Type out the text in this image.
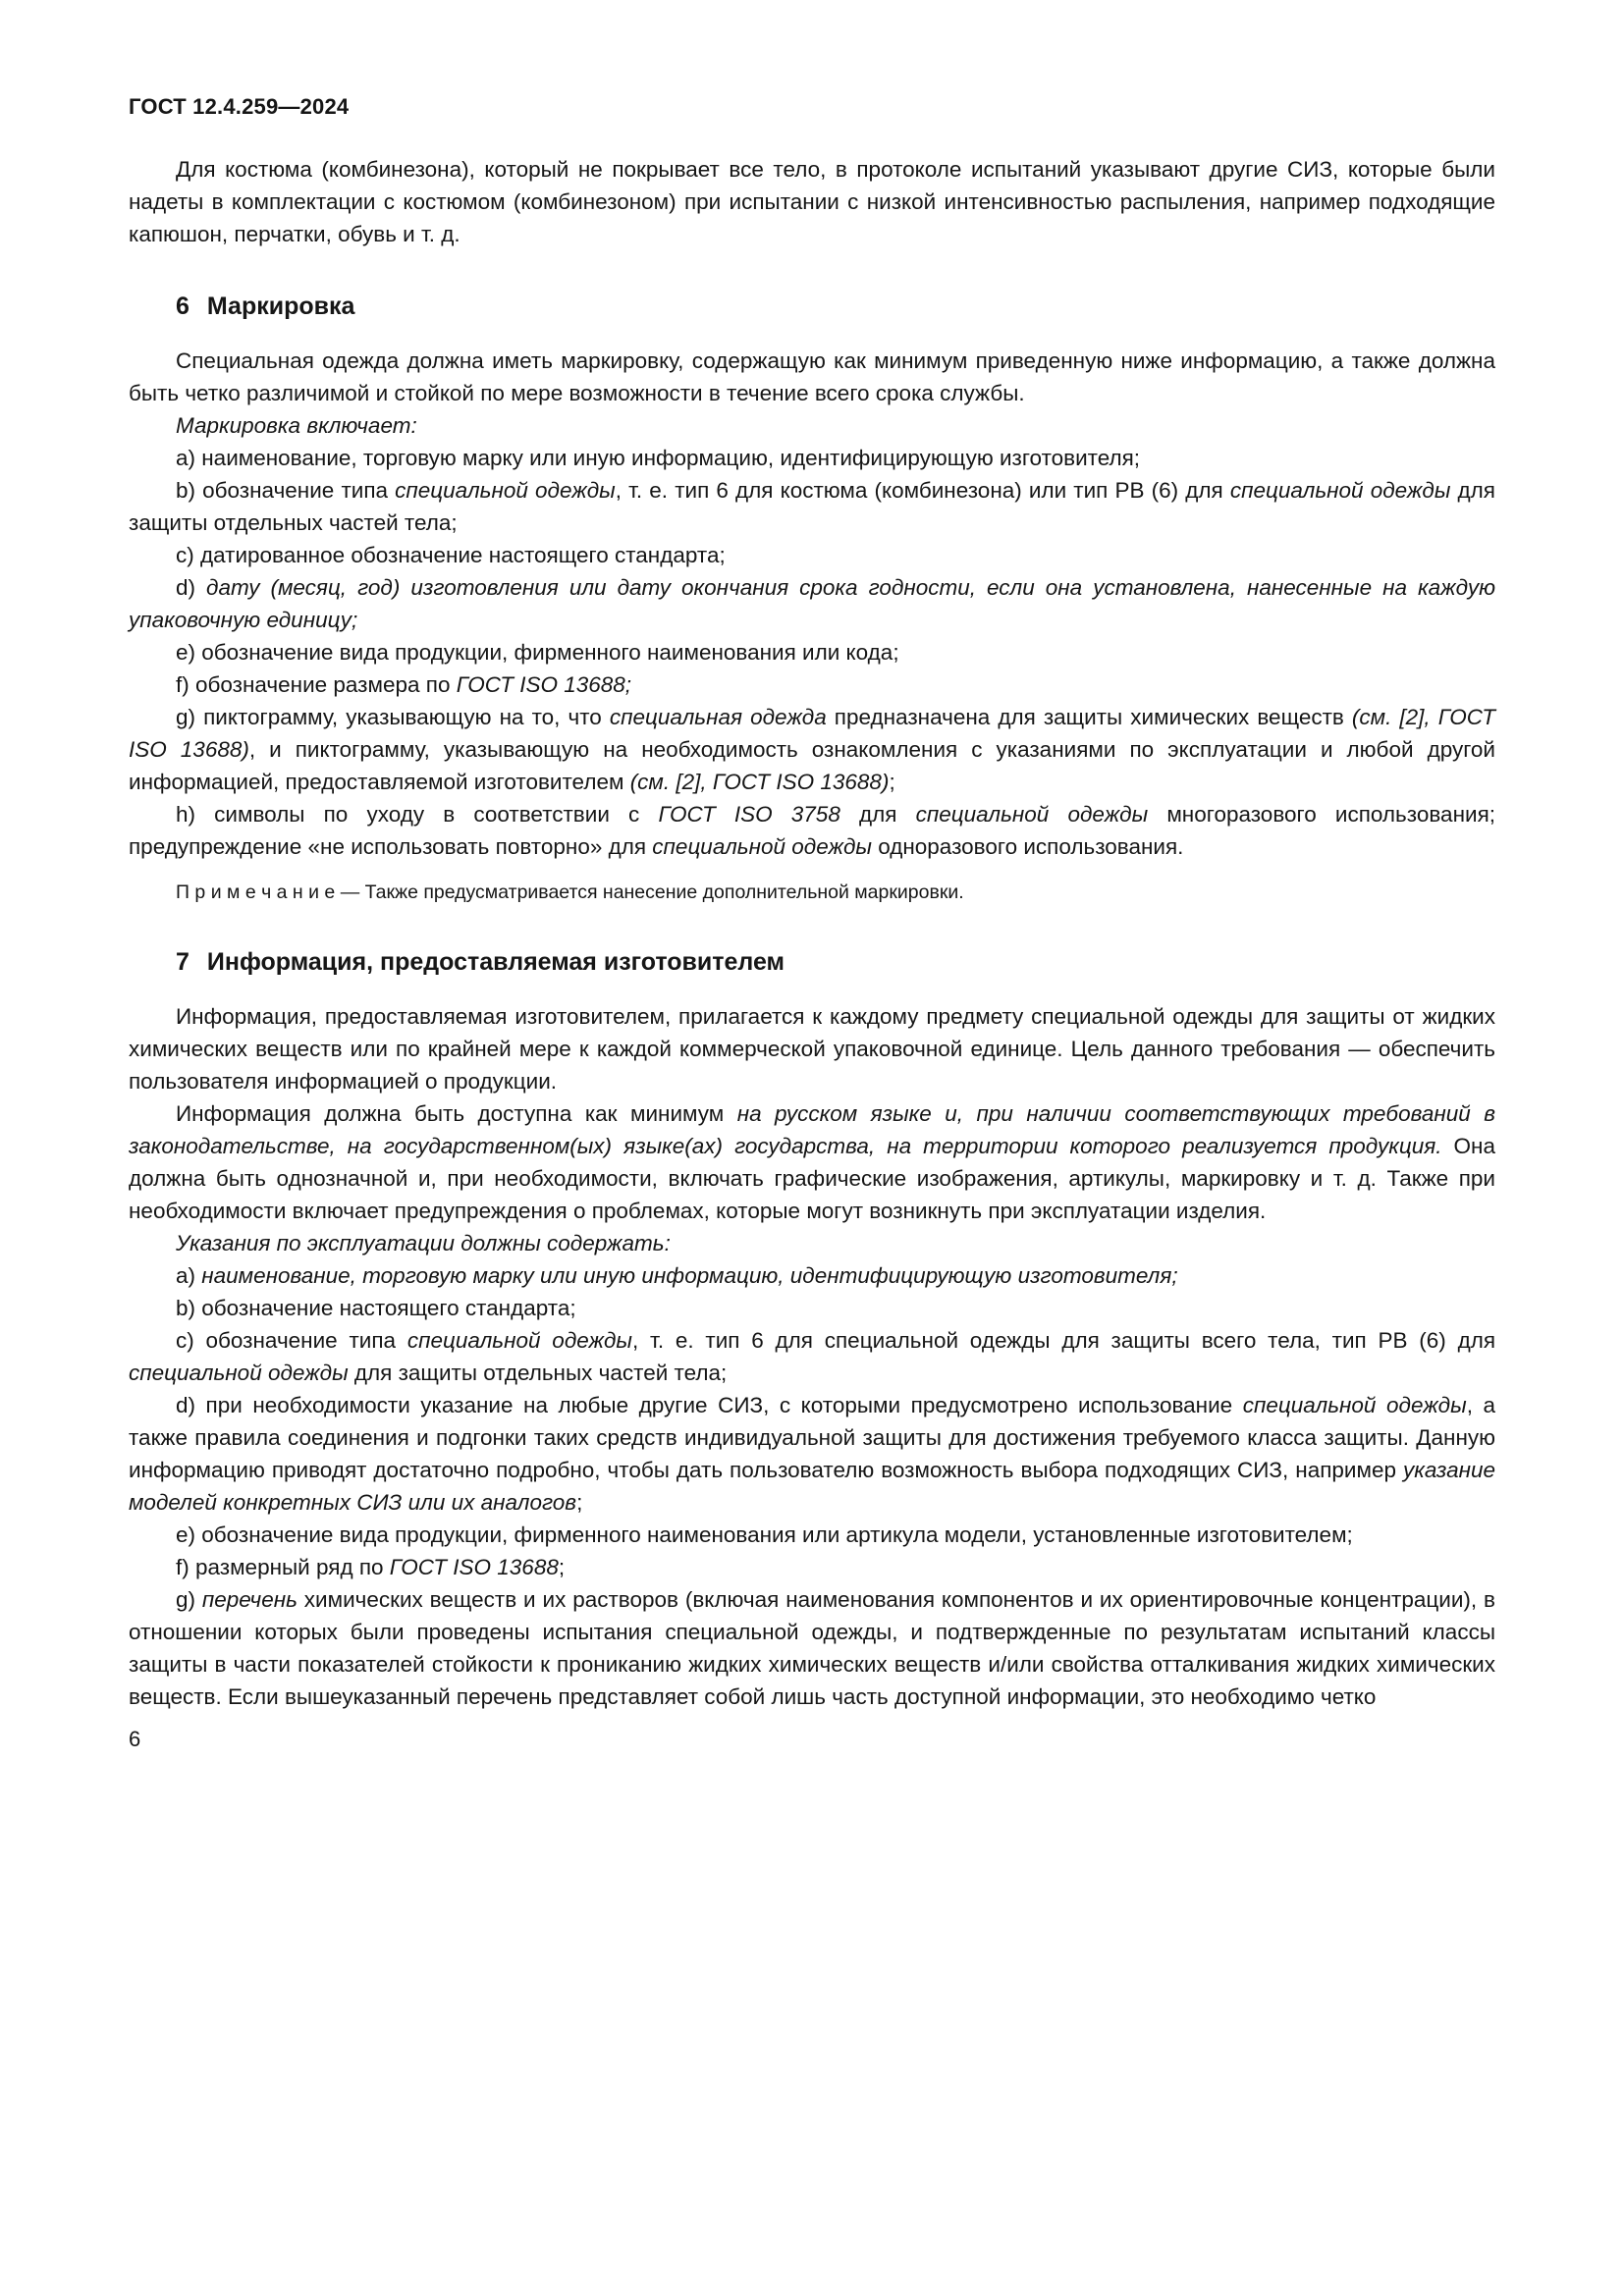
ГОСТ 12.4.259—2024

Для костюма (комбинезона), который не покрывает все тело, в протоколе испытаний указывают другие СИЗ, которые были надеты в комплектации с костюмом (комбинезоном) при испытании с низкой интенсивностью распыления, например подходящие капюшон, перчатки, обувь и т. д.

6 Маркировка

Специальная одежда должна иметь маркировку, содержащую как минимум приведенную ниже информацию, а также должна быть четко различимой и стойкой по мере возможности в течение всего срока службы.

Маркировка включает:

a) наименование, торговую марку или иную информацию, идентифицирующую изготовителя;

b) обозначение типа специальной одежды, т. е. тип 6 для костюма (комбинезона) или тип PB (6) для специальной одежды для защиты отдельных частей тела;

c) датированное обозначение настоящего стандарта;

d) дату (месяц, год) изготовления или дату окончания срока годности, если она установлена, нанесенные на каждую упаковочную единицу;

e) обозначение вида продукции, фирменного наименования или кода;

f) обозначение размера по ГОСТ ISO 13688;

g) пиктограмму, указывающую на то, что специальная одежда предназначена для защиты химических веществ (см. [2], ГОСТ ISO 13688), и пиктограмму, указывающую на необходимость ознакомления с указаниями по эксплуатации и любой другой информацией, предоставляемой изготовителем (см. [2], ГОСТ ISO 13688);

h) символы по уходу в соответствии с ГОСТ ISO 3758 для специальной одежды многоразового использования; предупреждение «не использовать повторно» для специальной одежды одноразового использования.

П р и м е ч а н и е — Также предусматривается нанесение дополнительной маркировки.

7 Информация, предоставляемая изготовителем

Информация, предоставляемая изготовителем, прилагается к каждому предмету специальной одежды для защиты от жидких химических веществ или по крайней мере к каждой коммерческой упаковочной единице. Цель данного требования — обеспечить пользователя информацией о продукции.

Информация должна быть доступна как минимум на русском языке и, при наличии соответствующих требований в законодательстве, на государственном(ых) языке(ах) государства, на территории которого реализуется продукция. Она должна быть однозначной и, при необходимости, включать графические изображения, артикулы, маркировку и т. д. Также при необходимости включает предупреждения о проблемах, которые могут возникнуть при эксплуатации изделия.

Указания по эксплуатации должны содержать:

a) наименование, торговую марку или иную информацию, идентифицирующую изготовителя;

b) обозначение настоящего стандарта;

c) обозначение типа специальной одежды, т. е. тип 6 для специальной одежды для защиты всего тела, тип PB (6) для специальной одежды для защиты отдельных частей тела;

d) при необходимости указание на любые другие СИЗ, с которыми предусмотрено использование специальной одежды, а также правила соединения и подгонки таких средств индивидуальной защиты для достижения требуемого класса защиты. Данную информацию приводят достаточно подробно, чтобы дать пользователю возможность выбора подходящих СИЗ, например указание моделей конкретных СИЗ или их аналогов;

e) обозначение вида продукции, фирменного наименования или артикула модели, установленные изготовителем;

f) размерный ряд по ГОСТ ISO 13688;

g) перечень химических веществ и их растворов (включая наименования компонентов и их ориентировочные концентрации), в отношении которых были проведены испытания специальной одежды, и подтвержденные по результатам испытаний классы защиты в части показателей стойкости к прониканию жидких химических веществ и/или свойства отталкивания жидких химических веществ. Если вышеуказанный перечень представляет собой лишь часть доступной информации, это необходимо четко

6
